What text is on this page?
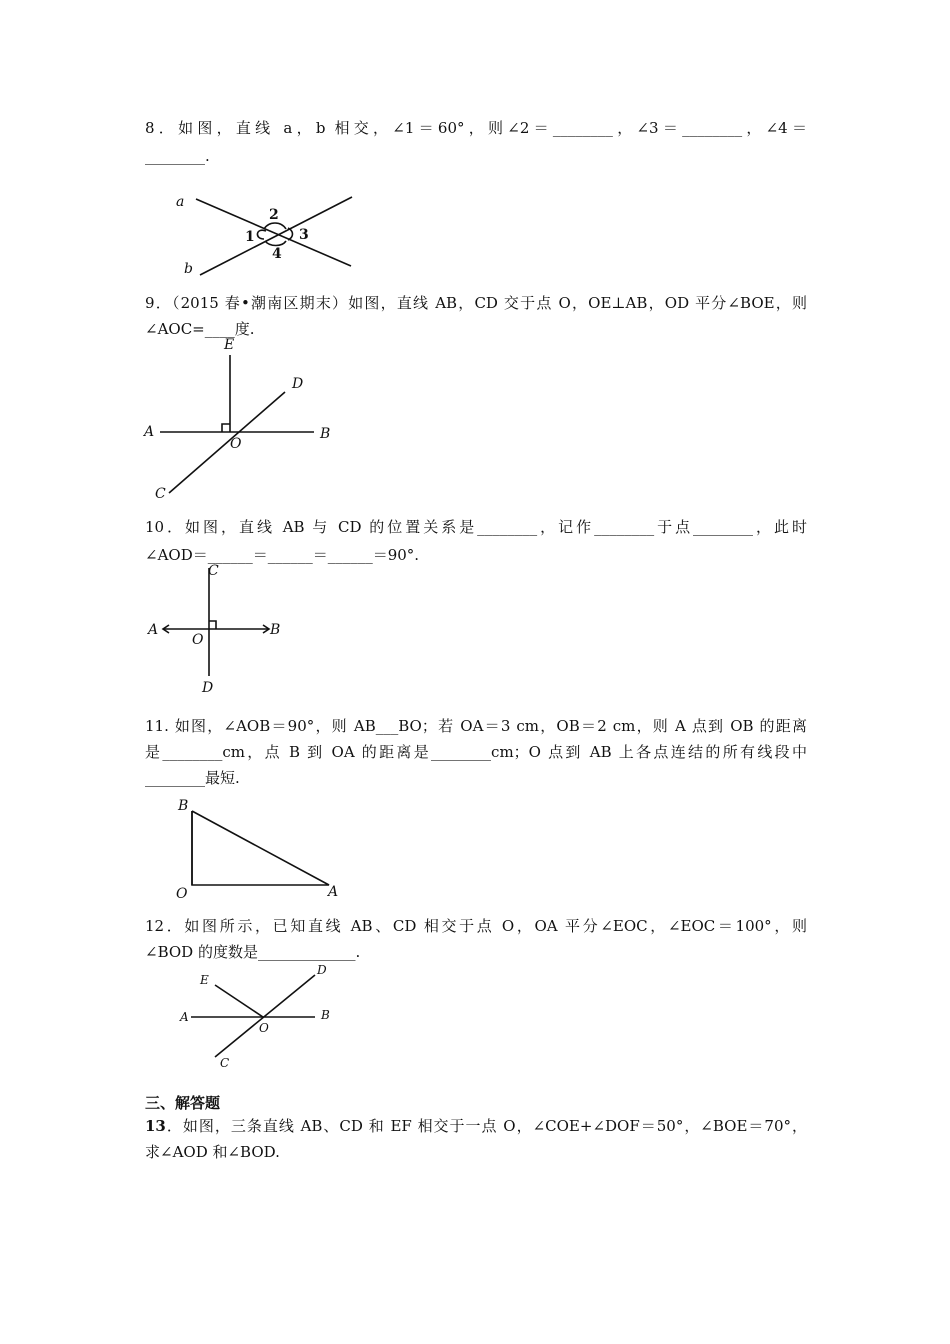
8．如图，直线 a，b 相交，∠1＝60°，则∠2＝________，∠3＝________，∠4＝
________.
a
b
1
2
3
4
9．（2015 春•潮南区期末）如图，直线 AB，CD 交于点 O，OE⊥AB，OD 平分∠BOE，则
∠AOC=____度.
A	B
C
D
E
O
10．如图，直线 AB 与 CD 的位置关系是________，记作________于点________，此时
∠AOD＝______＝______＝______＝90°.
A	B
C
D
O
11. 如图，∠AOB＝90°，则 AB___BO；若 OA＝3 cm，OB＝2 cm，则 A 点到 OB 的距离
是________cm，点 B 到 OA 的距离是________cm；O 点到 AB 上各点连结的所有线段中
________最短.
B
O	A
12．如图所示，已知直线 AB、CD 相交于点 O，OA 平分∠EOC，∠EOC＝100°，则
∠BOD 的度数是_____________.
A	B
C
D
E
O
三、解答题
13．如图，三条直线 AB、CD 和 EF 相交于一点 O，∠COE+∠DOF＝50°，∠BOE＝70°，
求∠AOD 和∠BOD.
